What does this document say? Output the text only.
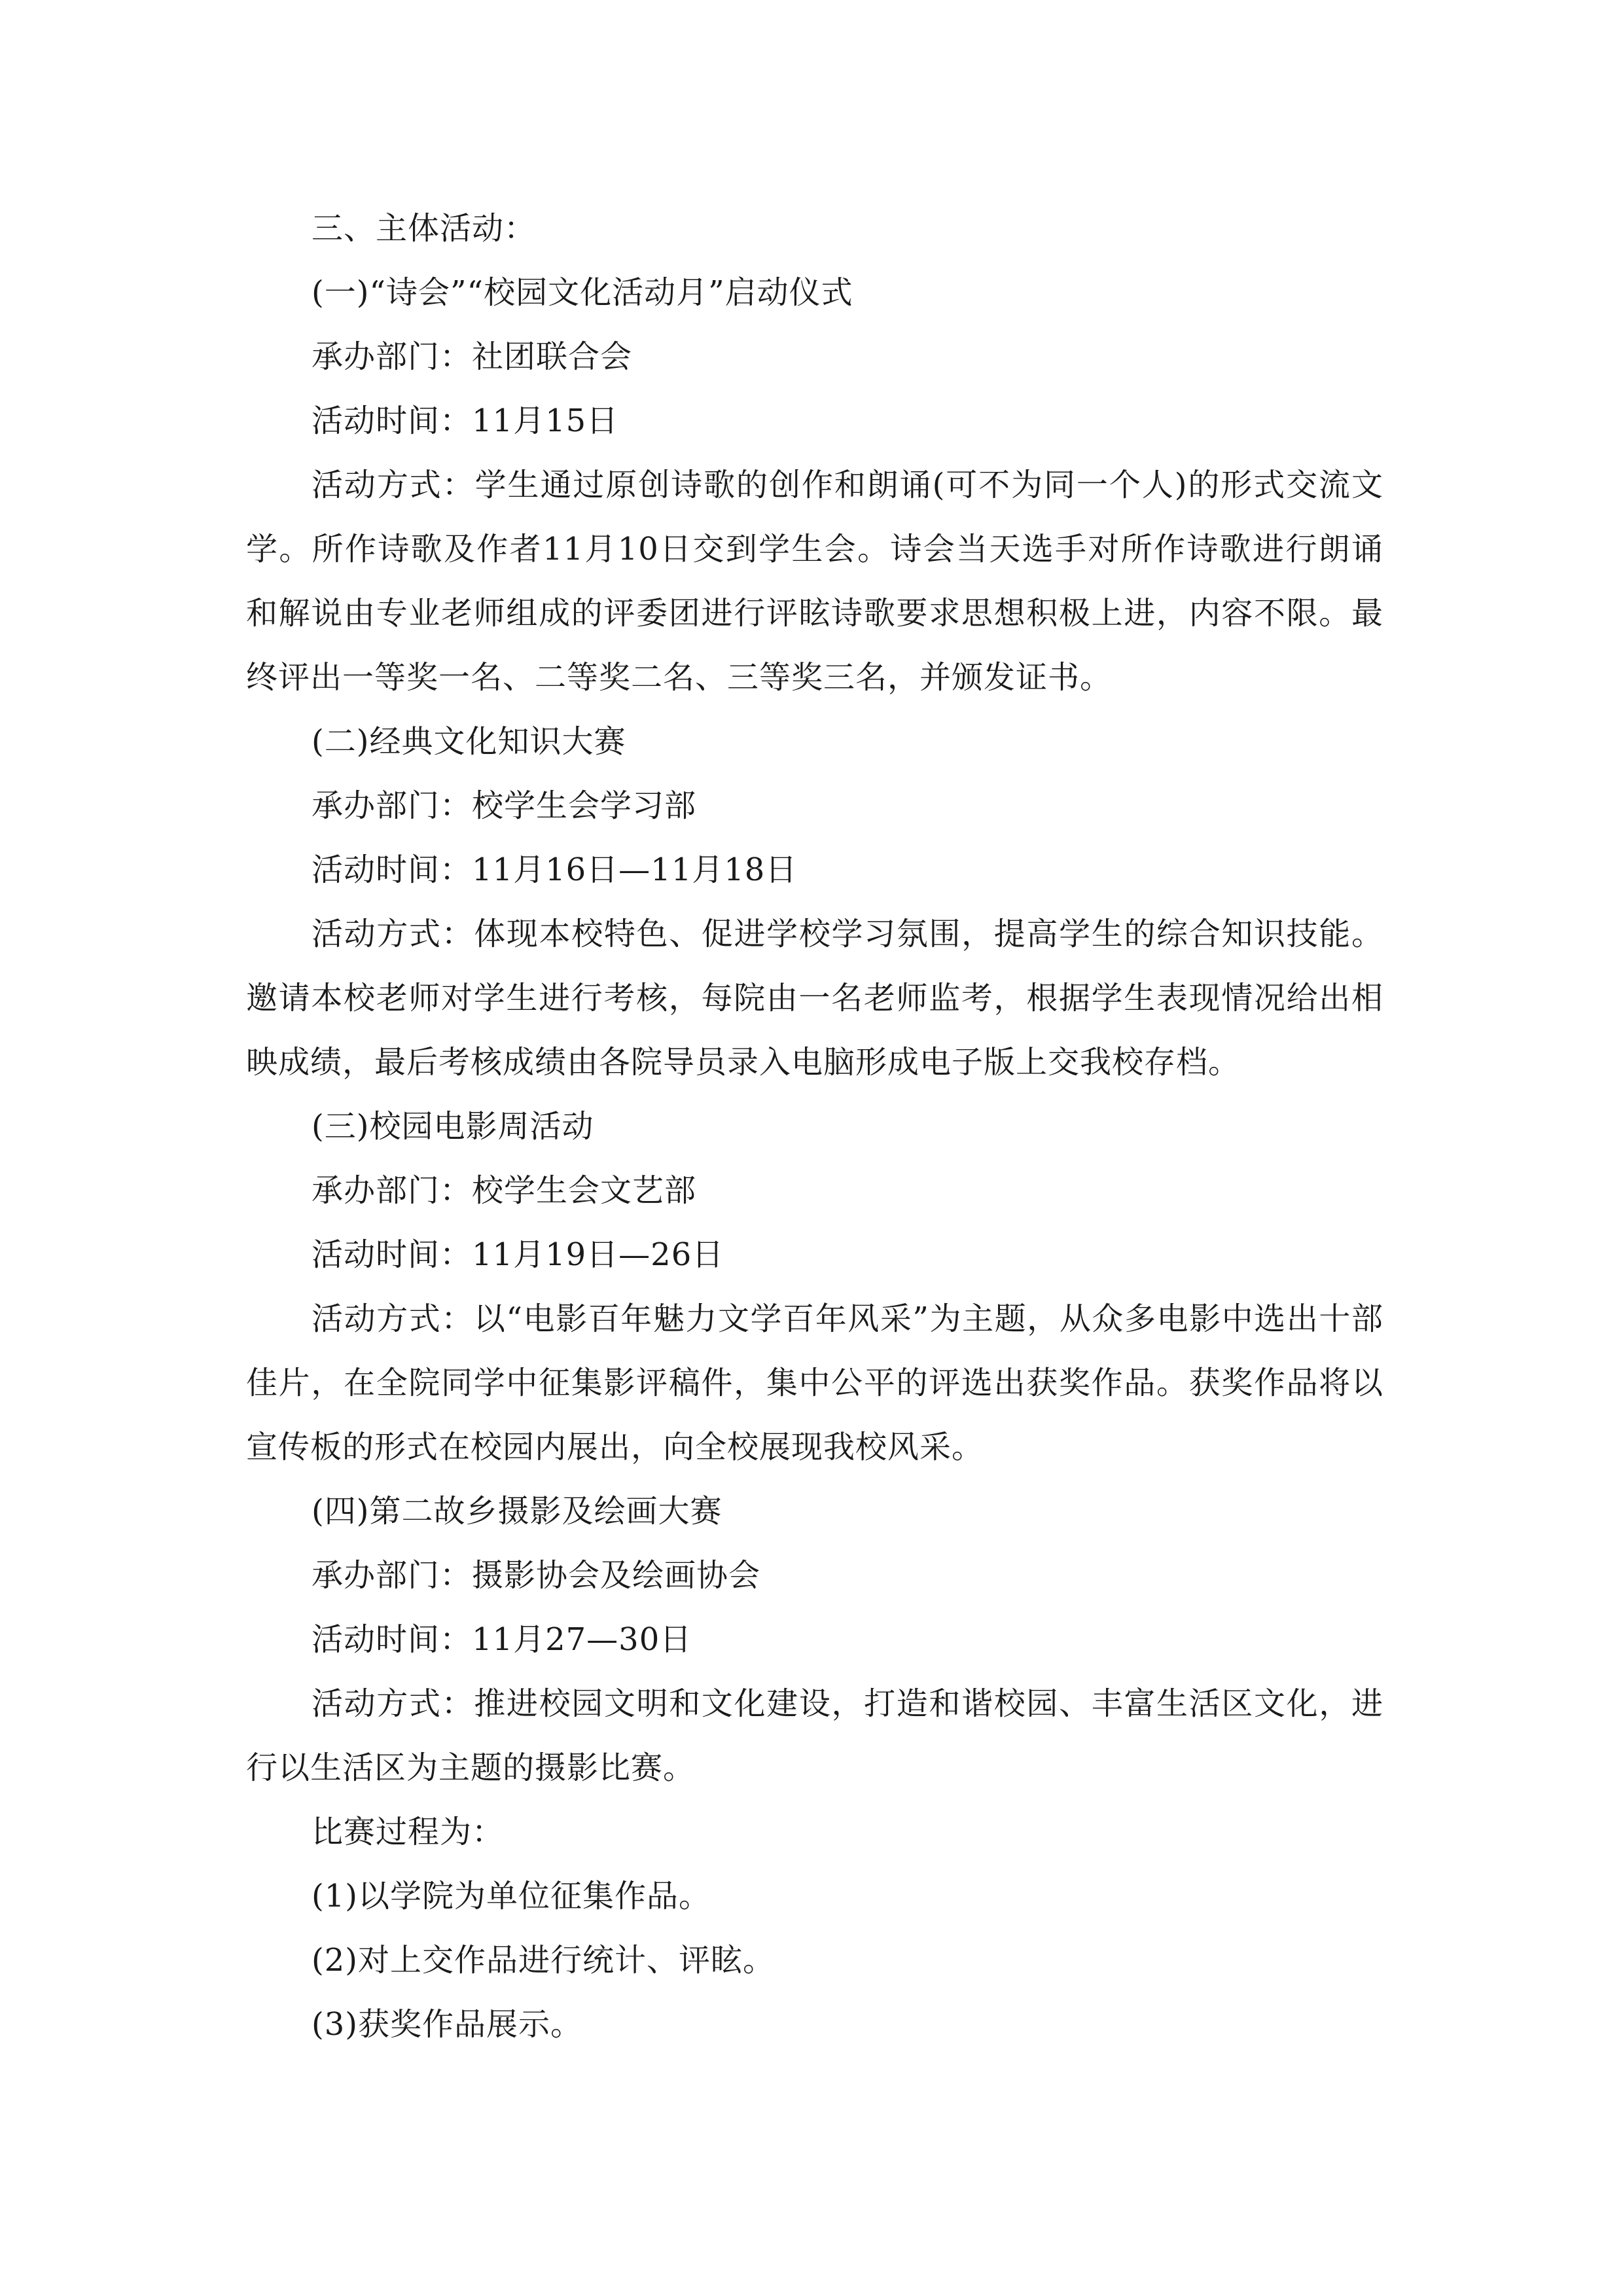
三、主体活动：

(一)“诗会”“校园文化活动月”启动仪式

承办部门：社团联合会

活动时间：11月15日

活动方式：学生通过原创诗歌的创作和朗诵(可不为同一个人)的形式交流文学。所作诗歌及作者11月10日交到学生会。诗会当天选手对所作诗歌进行朗诵和解说由专业老师组成的评委团进行评眩诗歌要求思想积极上进，内容不限。最终评出一等奖一名、二等奖二名、三等奖三名，并颁发证书。

(二)经典文化知识大赛

承办部门：校学生会学习部

活动时间：11月16日—11月18日

活动方式：体现本校特色、促进学校学习氛围，提高学生的综合知识技能。邀请本校老师对学生进行考核，每院由一名老师监考，根据学生表现情况给出相映成绩，最后考核成绩由各院导员录入电脑形成电子版上交我校存档。

(三)校园电影周活动

承办部门：校学生会文艺部

活动时间：11月19日—26日

活动方式：以“电影百年魅力文学百年风采”为主题，从众多电影中选出十部佳片，在全院同学中征集影评稿件，集中公平的评选出获奖作品。获奖作品将以宣传板的形式在校园内展出，向全校展现我校风采。

(四)第二故乡摄影及绘画大赛

承办部门：摄影协会及绘画协会

活动时间：11月27—30日

活动方式：推进校园文明和文化建设，打造和谐校园、丰富生活区文化，进行以生活区为主题的摄影比赛。

比赛过程为：

(1)以学院为单位征集作品。

(2)对上交作品进行统计、评眩。

(3)获奖作品展示。
